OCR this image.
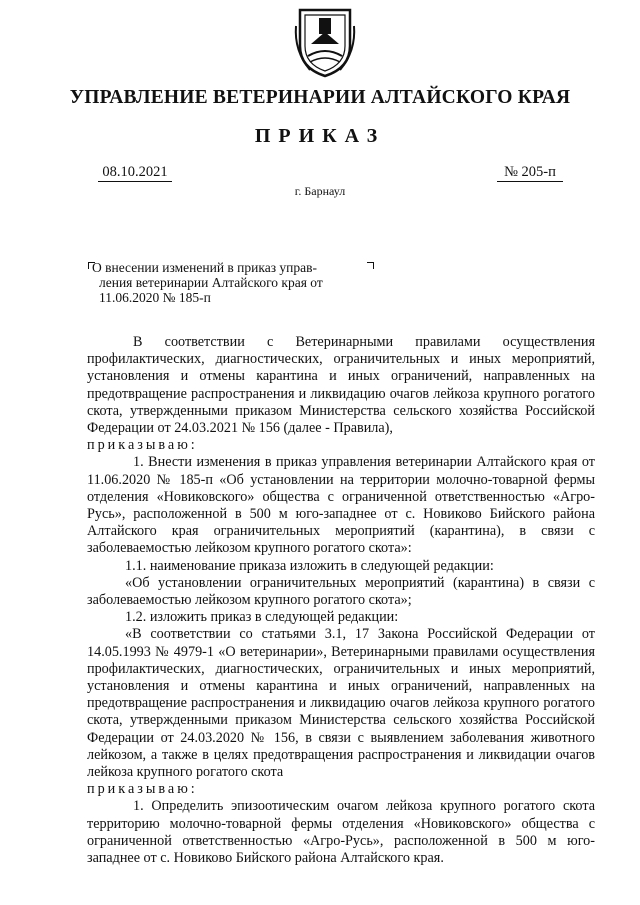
УПРАВЛЕНИЕ ВЕТЕРИНАРИИ АЛТАЙСКОГО КРАЯ
ПРИКАЗ
08.10.2021	№ 205-п
г. Барнаул
О внесении изменений в приказ управ-
ления ветеринарии Алтайского края от
11.06.2020 № 185-п

В соответствии с Ветеринарными правилами осуществления профилактических, диагностических, ограничительных и иных мероприятий, установления и отмены карантина и иных ограничений, направленных на предотвращение распространения и ликвидацию очагов лейкоза крупного рогатого скота, утвержденными приказом Министерства сельского хозяйства Российской Федерации от 24.03.2021 № 156 (далее - Правила),

приказываю:

1. Внести изменения в приказ управления ветеринарии Алтайского края от 11.06.2020 № 185-п «Об установлении на территории молочно-товарной фермы отделения «Новиковского» общества с ограниченной ответственностью «Агро-Русь», расположенной в 500 м юго-западнее от с. Новиково Бийского района Алтайского края ограничительных мероприятий (карантина), в связи с заболеваемостью лейкозом крупного рогатого скота»:

1.1. наименование приказа изложить в следующей редакции:

«Об установлении ограничительных мероприятий (карантина) в связи с заболеваемостью лейкозом крупного рогатого скота»;

1.2. изложить приказ в следующей редакции:

«В соответствии со статьями 3.1, 17 Закона Российской Федерации от 14.05.1993 № 4979-1 «О ветеринарии», Ветеринарными правилами осуществления профилактических, диагностических, ограничительных и иных мероприятий, установления и отмены карантина и иных ограничений, направленных на предотвращение распространения и ликвидацию очагов лейкоза крупного рогатого скота, утвержденными приказом Министерства сельского хозяйства Российской Федерации от 24.03.2020 № 156, в связи с выявлением заболевания животного лейкозом, а также в целях предотвращения распространения и ликвидации очагов лейкоза крупного рогатого скота

приказываю:

1. Определить эпизоотическим очагом лейкоза крупного рогатого скота территорию молочно-товарной фермы отделения «Новиковского» общества с ограниченной ответственностью «Агро-Русь», расположенной в 500 м юго-западнее от с. Новиково Бийского района Алтайского края.
